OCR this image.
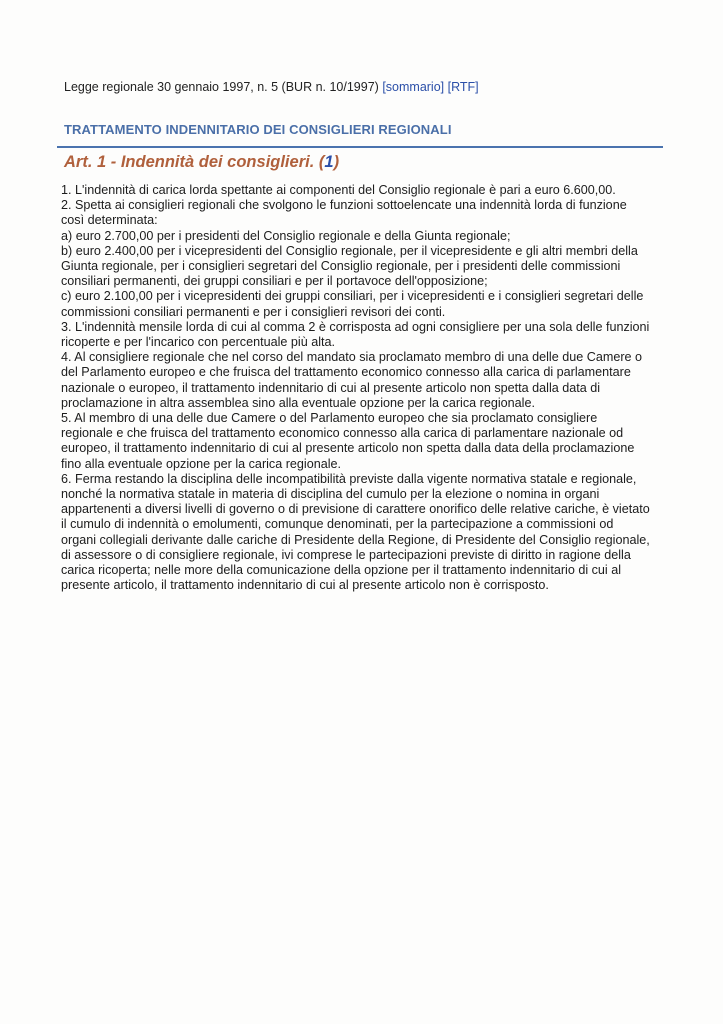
Legge regionale 30 gennaio 1997, n. 5 (BUR n. 10/1997) [sommario] [RTF]
TRATTAMENTO INDENNITARIO DEI CONSIGLIERI REGIONALI
Art. 1 - Indennità dei consiglieri. (1)

1. L'indennità di carica lorda spettante ai componenti del Consiglio regionale è pari a euro 6.600,00.

2. Spetta ai consiglieri regionali che svolgono le funzioni sottoelencate una indennità lorda di funzione così determinata:

a) euro 2.700,00 per i presidenti del Consiglio regionale e della Giunta regionale;

b) euro 2.400,00 per i vicepresidenti del Consiglio regionale, per il vicepresidente e gli altri membri della Giunta regionale, per i consiglieri segretari del Consiglio regionale, per i presidenti delle commissioni consiliari permanenti, dei gruppi consiliari e per il portavoce dell'opposizione;

c) euro 2.100,00 per i vicepresidenti dei gruppi consiliari, per i vicepresidenti e i consiglieri segretari delle commissioni consiliari permanenti e per i consiglieri revisori dei conti.

3. L'indennità mensile lorda di cui al comma 2 è corrisposta ad ogni consigliere per una sola delle funzioni ricoperte e per l'incarico con percentuale più alta.

4. Al consigliere regionale che nel corso del mandato sia proclamato membro di una delle due Camere o del Parlamento europeo e che fruisca del trattamento economico connesso alla carica di parlamentare nazionale o europeo, il trattamento indennitario di cui al presente articolo non spetta dalla data di proclamazione in altra assemblea sino alla eventuale opzione per la carica regionale.

5. Al membro di una delle due Camere o del Parlamento europeo che sia proclamato consigliere regionale e che fruisca del trattamento economico connesso alla carica di parlamentare nazionale od europeo, il trattamento indennitario di cui al presente articolo non spetta dalla data della proclamazione fino alla eventuale opzione per la carica regionale.

6. Ferma restando la disciplina delle incompatibilità previste dalla vigente normativa statale e regionale, nonché la normativa statale in materia di disciplina del cumulo per la elezione o nomina in organi appartenenti a diversi livelli di governo o di previsione di carattere onorifico delle relative cariche, è vietato il cumulo di indennità o emolumenti, comunque denominati, per la partecipazione a commissioni od organi collegiali derivante dalle cariche di Presidente della Regione, di Presidente del Consiglio regionale, di assessore o di consigliere regionale, ivi comprese le partecipazioni previste di diritto in ragione della carica ricoperta; nelle more della comunicazione della opzione per il trattamento indennitario di cui al presente articolo, il trattamento indennitario di cui al presente articolo non è corrisposto.
